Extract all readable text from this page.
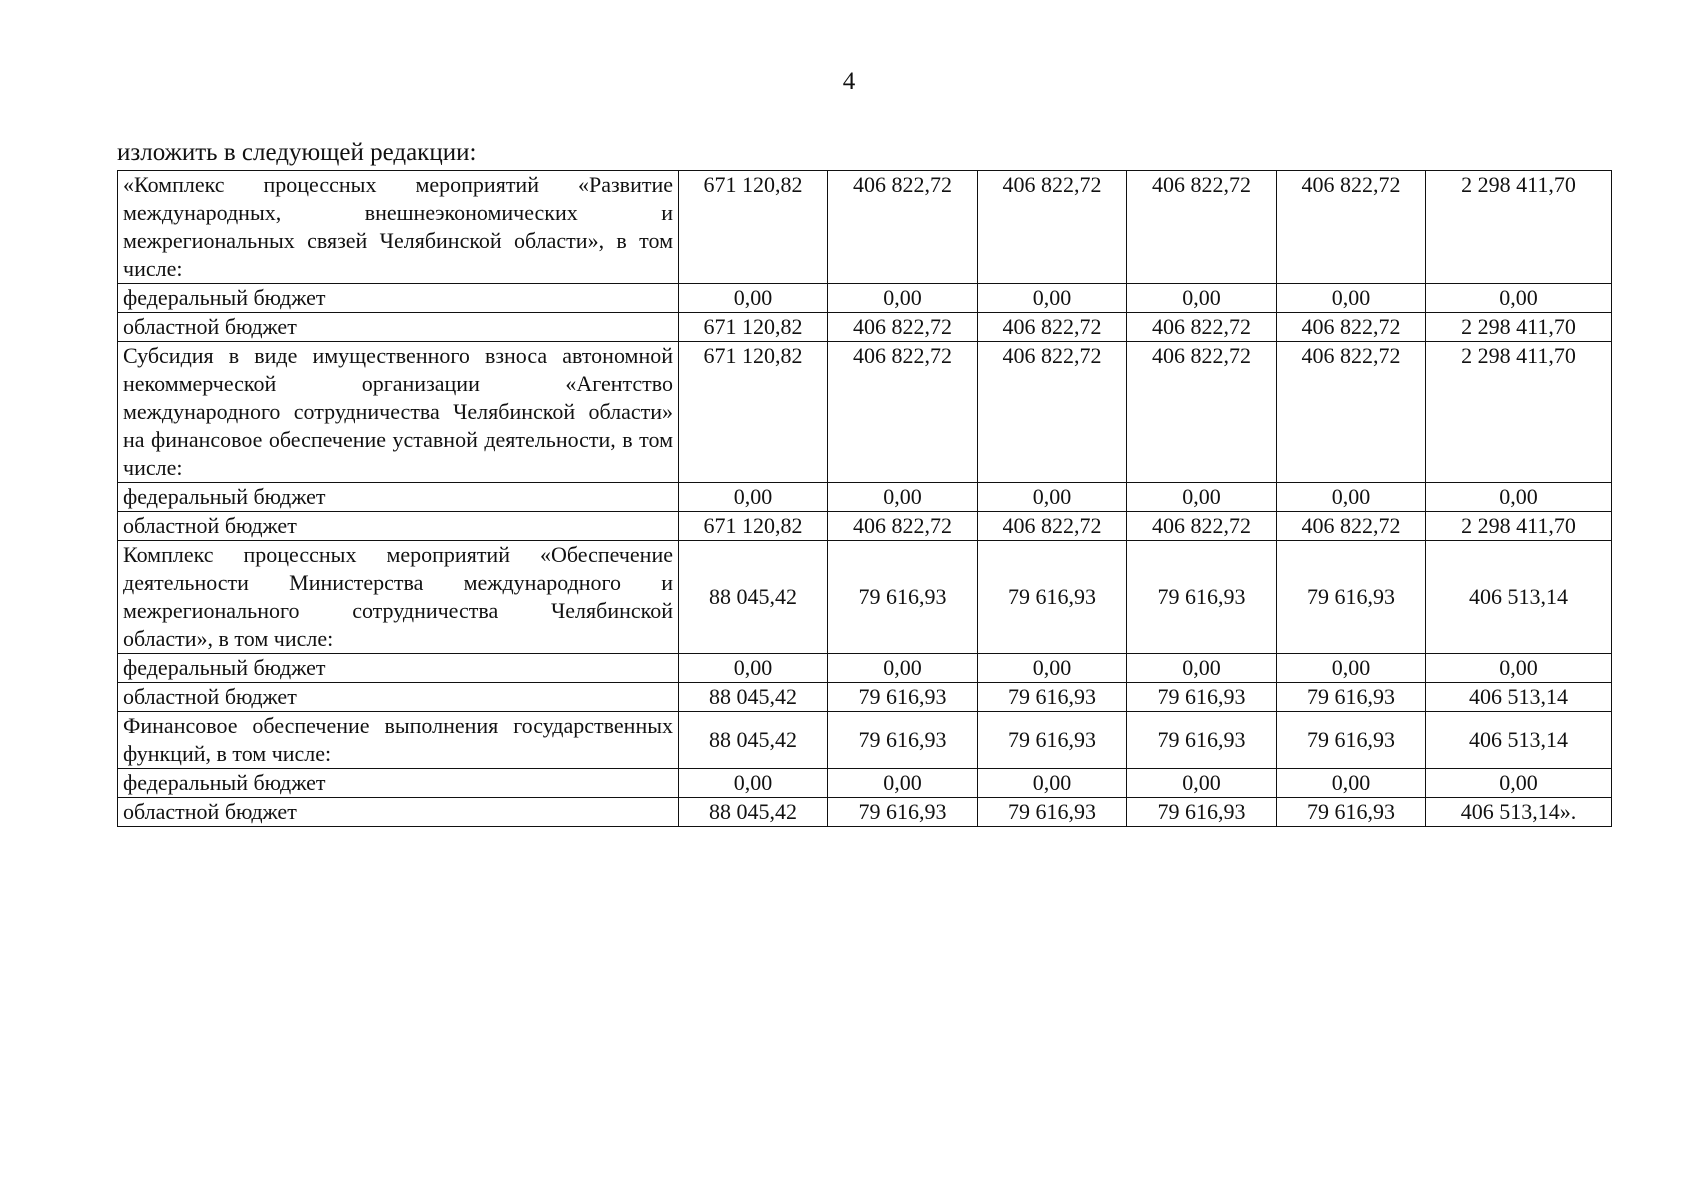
4
изложить в следующей редакции:
«Комплекс процессных мероприятий «Развитие международных, внешнеэкономических и межрегиональных связей Челябинской области», в том числе:	671 120,82	406 822,72	406 822,72	406 822,72	406 822,72	2 298 411,70
федеральный бюджет	0,00	0,00	0,00	0,00	0,00	0,00
областной бюджет	671 120,82	406 822,72	406 822,72	406 822,72	406 822,72	2 298 411,70
Субсидия в виде имущественного взноса автономной некоммерческой организации «Агентство международного сотрудничества Челябинской области» на финансовое обеспечение уставной деятельности, в том числе:	671 120,82	406 822,72	406 822,72	406 822,72	406 822,72	2 298 411,70
федеральный бюджет	0,00	0,00	0,00	0,00	0,00	0,00
областной бюджет	671 120,82	406 822,72	406 822,72	406 822,72	406 822,72	2 298 411,70
Комплекс процессных мероприятий «Обеспечение деятельности Министерства международного и межрегионального сотрудничества Челябинской области», в том числе:	88 045,42	79 616,93	79 616,93	79 616,93	79 616,93	406 513,14
федеральный бюджет	0,00	0,00	0,00	0,00	0,00	0,00
областной бюджет	88 045,42	79 616,93	79 616,93	79 616,93	79 616,93	406 513,14
Финансовое обеспечение выполнения государственных функций, в том числе:	88 045,42	79 616,93	79 616,93	79 616,93	79 616,93	406 513,14
федеральный бюджет	0,00	0,00	0,00	0,00	0,00	0,00
областной бюджет	88 045,42	79 616,93	79 616,93	79 616,93	79 616,93	406 513,14».
